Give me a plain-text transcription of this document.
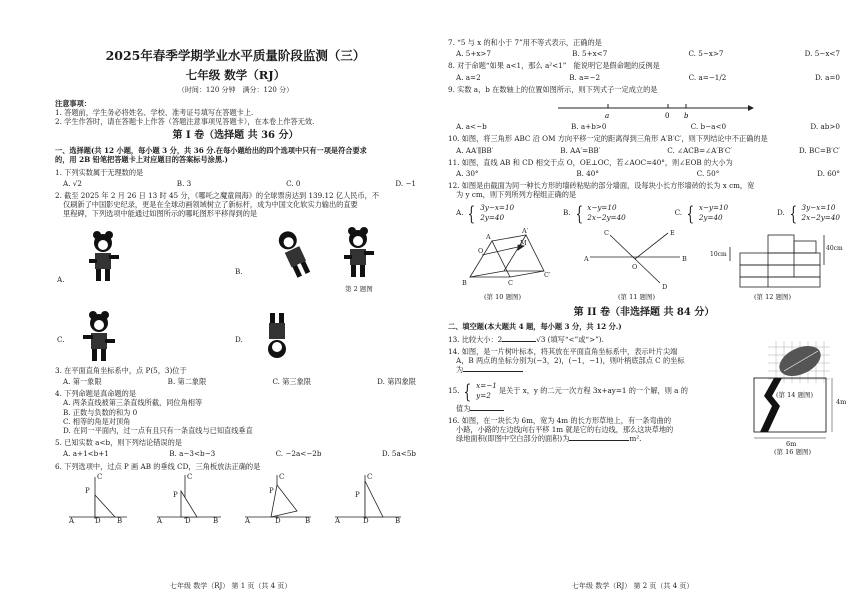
2025年春季学期学业水平质量阶段监测（三）
七年级 数学（RJ）
（时间：120 分钟　满分：120 分）
注意事项：
1. 答题前，学生务必将姓名、学校、准考证号填写在答题卡上.
2. 学生作答时，请在答题卡上作答（答题注意事项见答题卡），在本卷上作答无效.
第 I 卷（选择题 共 36 分）
一、选择题(共 12 小题，每小题 3 分，共 36 分.在每小题给出的四个选项中只有一项是符合要求
的，用 2B 铅笔把答题卡上对应题目的答案标号涂黑.)
1. 下列实数属于无理数的是
A. √2	B. 3	C. 0	D. −1
2. 截至 2025 年 2 月 26 日 13 时 45 分，《哪吒之魔童闹海》的全球票房达到 139.12 亿人民币，不
仅刷新了中国影史纪录，更是在全球动画领域树立了新标杆，成为中国文化软实力输出的直要
里程碑，下列选项中能通过如图所示的哪吒图形平移得到的是
A.
B.
第 2 题图
C.	D.
3. 在平面直角坐标系中，点 P(5，3)位于
A. 第一象限	B. 第二象限	C. 第三象限	D. 第四象限
4. 下列命题是真命题的是
A. 两条直线被第三条直线所截，同位角相等
B. 正数与负数的和为 0
C. 相等的角是对顶角
D. 在同一平面内，过一点有且只有一条直线与已知直线垂直
5. 已知实数 a<b，则下列结论错误的是
A. a+1<b+1	B. a−3<b−3	C. −2a<−2b	D. 5a<5b
6. 下列选项中，过点 P 画 AB 的垂线 CD，三角板放法正确的是
P
C
A	B
D
P
C
A	B
D
P
C
A	B
D
P
C
A	B
D
七年级 数学（RJ） 第 1 页（共 4 页）
7. “5 与 x 的和小于 7”用不等式表示，正确的是
A. 5+x>7	B. 5+x<7	C. 5−x>7	D. 5−x<7
8. 对于命题“如果 a<1，那么 a²<1”　能说明它是假命题的反例是
A. a=2	B. a=−2	C. a=−1/2	D. a=0
9. 实数 a，b 在数轴上的位置如图所示，则下列式子一定成立的是
a	0 b
A. a<−b	B. a+b>0	C. b−a<0	D. ab>0
10. 如图，将三角形 ABC 沿 OM 方向平移一定的距离得到三角形 A′B′C′，则下列结论中不正确的是
A. AA′∥BB′	B. AA′=BB′	C. ∠ACB=∠A′B′C′	D. BC=B′C′
11. 如图，直线 AB 和 CD 相交于点 O，OE⊥OC，若∠AOC=40°，则∠EOB 的大小为
A. 30°	B. 40°	C. 50°	D. 60°
12. 如图是由截面为同一种长方形的墙砖粘贴的部分墙面，设每块小长方形墙砖的长为 x cm，宽
为 y cm，则下列所列方程组正确的是
A. { 3y−x=10
2y=40
B. { x−y=10
2x−2y=40
C. { x−y=10
2y=40
D. { 3y−x=10
2x−2y=40
B
A
A′
C
C′
O
M
A	B
C
D
E
O
10cm
40cm
(第 10 题图)	(第 11 题图)	(第 12 题图)
第 II 卷（非选择题 共 84 分）
二、填空题(本大题共 4 题，每小题 3 分，共 12 分.)
13. 比较大小：2	√3 (填写“<”或“>”).
14. 如图，是一片树叶标本，将其放在平面直角坐标系中，表示叶片尖端
A，B 两点的坐标分别为(−3，2)，(−1，−1)，则叶柄底部点 C 的坐标
为
(第 14 题图)
15. { x=−1
y=2
是关于 x，y 的二元一次方程 3x+ay=1 的一个解，则 a 的
值为
16. 如图，在一块长为 6m，宽为 4m 的长方形草地上，有一条弯曲的
小路，小路的左边线向右平移 1m 就是它的右边线，那么这块草地的
绿地面积(即图中空白部分的面积)为	m².
4m
6m
(第 16 题图)
七年级 数学（RJ） 第 2 页（共 4 页）
